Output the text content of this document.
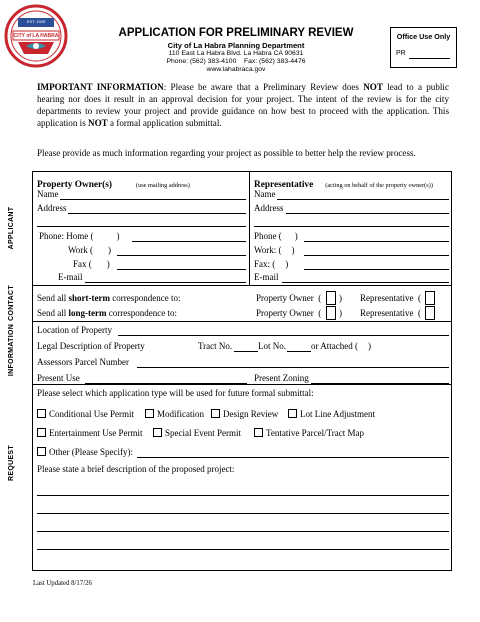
EST. 1925
CITY of LA HABRA	APPLICATION FOR PRELIMINARY REVIEW
City of La Habra Planning Department
110 East La Habra Blvd. La Habra CA 90631
Phone: (562) 383-4100 Fax: (562) 383-4476
www.lahabraca.gov
Office Use Only
PR
IMPORTANT INFORMATION: Please be aware that a Preliminary Review does NOT lead to a public hearing nor does it result in an approval decision for your project. The intent of the review is for the city departments to review your project and provide guidance on how best to proceed with the application. This application is NOT a formal application submittal.
Please provide as much information regarding your project as possible to better help the review process.
APPLICANT
CONTACT
INFORMATION
REQUEST
Property Owner(s)	(use mailing address)
Name
Address
Phone: Home (	)
Work ( )
Fax ( )
E-mail
Representative (acting on behalf of the property owner(s))
Name
Address
Phone ( )
Work: ( )
Fax: ( )
E-mail
Send all short-term correspondence to:	Property Owner  ( ) Representative  (
Send all long-term correspondence to:	Property Owner  ( ) Representative  (
Location of Property
Legal Description of Property	Tract No.	Lot No.	or Attached ( )
Assessors Parcel Number
Present Use	Present Zoning
Please select which application type will be used for future formal submittal:
Conditional Use Permit	Modification	Design Review	Lot Line Adjustment
Entertainment Use Permit	Special Event Permit	Tentative Parcel/Tract Map
Other (Please Specify):
Please state a brief description of the proposed project:
Last Updated 8/17/26
